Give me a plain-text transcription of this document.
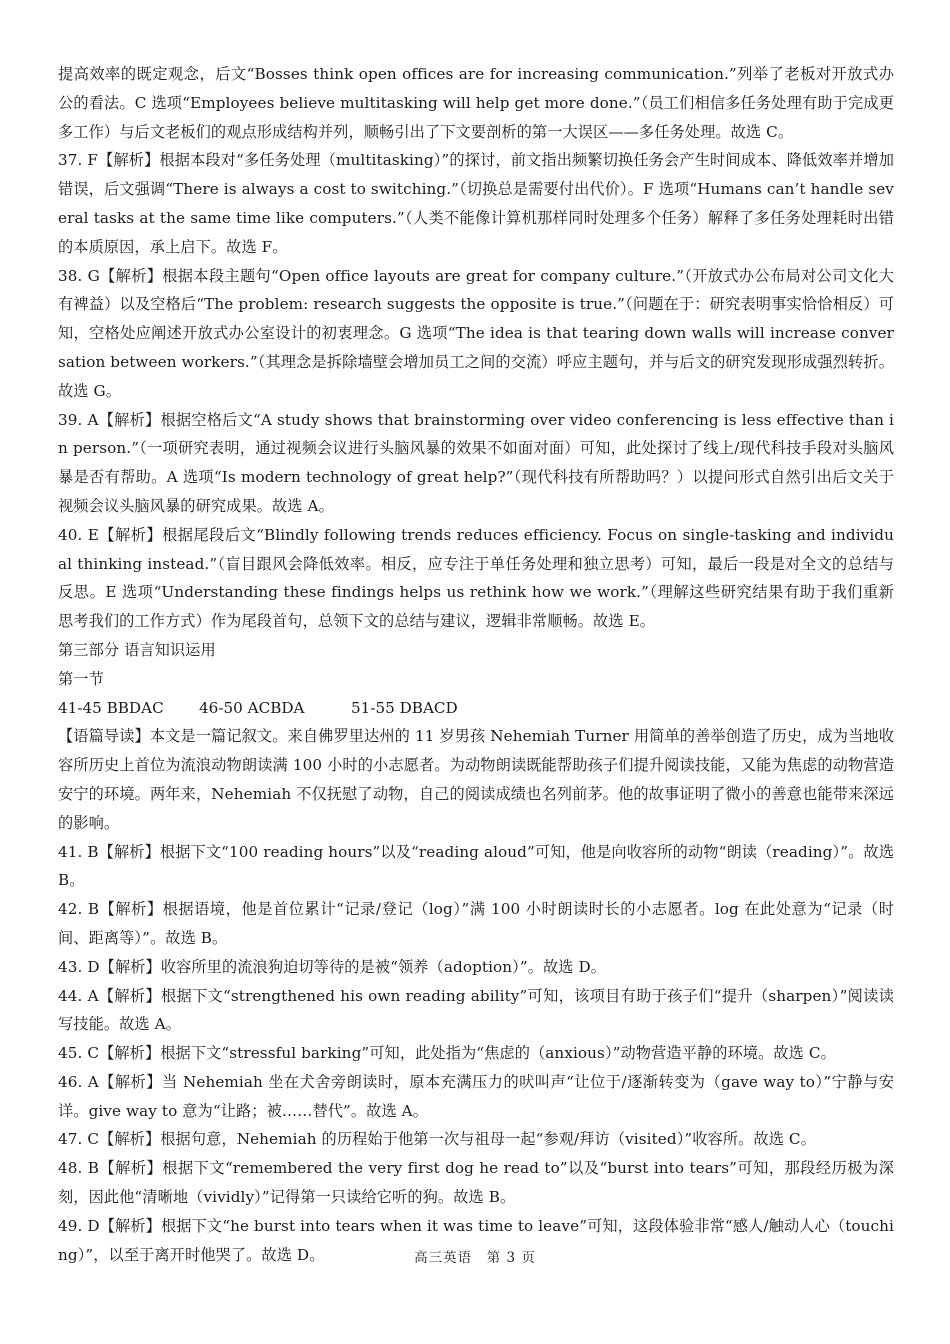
提高效率的既定观念，后文“Bosses think open offices are for increasing communication.”列举了老板对开放式办公的看法。C 选项“Employees believe multitasking will help get more done.”（员工们相信多任务处理有助于完成更多工作）与后文老板们的观点形成结构并列，顺畅引出了下文要剖析的第一大误区——多任务处理。故选 C。

37. F【解析】根据本段对“多任务处理（multitasking）”的探讨，前文指出频繁切换任务会产生时间成本、降低效率并增加错误，后文强调“There is always a cost to switching.”（切换总是需要付出代价）。F 选项“Humans can’t handle several tasks at the same time like computers.”（人类不能像计算机那样同时处理多个任务）解释了多任务处理耗时出错的本质原因，承上启下。故选 F。

38. G【解析】根据本段主题句“Open office layouts are great for company culture.”（开放式办公布局对公司文化大有裨益）以及空格后“The problem: research suggests the opposite is true.”（问题在于：研究表明事实恰恰相反）可知，空格处应阐述开放式办公室设计的初衷理念。G 选项“The idea is that tearing down walls will increase conversation between workers.”（其理念是拆除墙壁会增加员工之间的交流）呼应主题句，并与后文的研究发现形成强烈转折。故选 G。

39. A【解析】根据空格后文“A study shows that brainstorming over video conferencing is less effective than in person.”（一项研究表明，通过视频会议进行头脑风暴的效果不如面对面）可知，此处探讨了线上/现代科技手段对头脑风暴是否有帮助。A 选项“Is modern technology of great help?”（现代科技有所帮助吗？）以提问形式自然引出后文关于视频会议头脑风暴的研究成果。故选 A。

40. E【解析】根据尾段后文“Blindly following trends reduces efficiency. Focus on single-tasking and individual thinking instead.”（盲目跟风会降低效率。相反，应专注于单任务处理和独立思考）可知，最后一段是对全文的总结与反思。E 选项“Understanding these findings helps us rethink how we work.”（理解这些研究结果有助于我们重新思考我们的工作方式）作为尾段首句，总领下文的总结与建议，逻辑非常顺畅。故选 E。

第三部分 语言知识运用

第一节

41-45 BBDAC 46-50 ACBDA	51-55 DBACD

【语篇导读】本文是一篇记叙文。来自佛罗里达州的 11 岁男孩 Nehemiah Turner 用简单的善举创造了历史，成为当地收容所历史上首位为流浪动物朗读满 100 小时的小志愿者。为动物朗读既能帮助孩子们提升阅读技能，又能为焦虑的动物营造安宁的环境。两年来，Nehemiah 不仅抚慰了动物，自己的阅读成绩也名列前茅。他的故事证明了微小的善意也能带来深远的影响。

41. B【解析】根据下文“100 reading hours”以及“reading aloud”可知，他是向收容所的动物“朗读（reading）”。故选 B。

42. B【解析】根据语境，他是首位累计“记录/登记（log）”满 100 小时朗读时长的小志愿者。log 在此处意为“记录（时间、距离等）”。故选 B。

43. D【解析】收容所里的流浪狗迫切等待的是被“领养（adoption）”。故选 D。

44. A【解析】根据下文“strengthened his own reading ability”可知，该项目有助于孩子们“提升（sharpen）”阅读读写技能。故选 A。

45. C【解析】根据下文“stressful barking”可知，此处指为“焦虑的（anxious）”动物营造平静的环境。故选 C。

46. A【解析】当 Nehemiah 坐在犬舍旁朗读时，原本充满压力的吠叫声“让位于/逐渐转变为（gave way to）”宁静与安详。give way to 意为“让路；被……替代”。故选 A。

47. C【解析】根据句意，Nehemiah 的历程始于他第一次与祖母一起“参观/拜访（visited）”收容所。故选 C。

48. B【解析】根据下文“remembered the very first dog he read to”以及“burst into tears”可知，那段经历极为深刻，因此他“清晰地（vividly）”记得第一只读给它听的狗。故选 B。

49. D【解析】根据下文“he burst into tears when it was time to leave”可知，这段体验非常“感人/触动人心（touching）”，以至于离开时他哭了。故选 D。	高三英语　第 3 页
